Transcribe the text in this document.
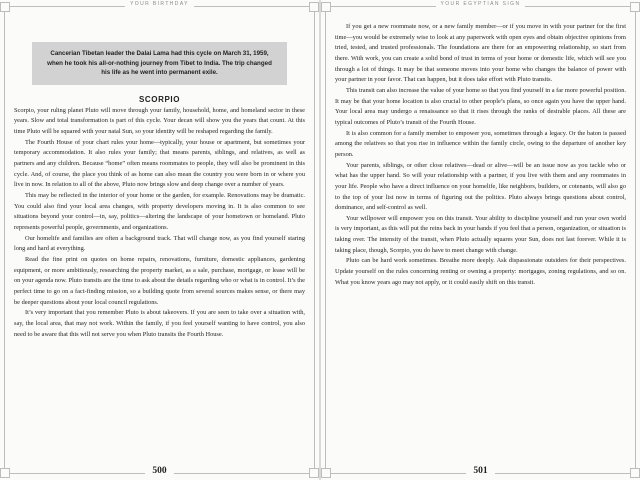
YOUR BIRTHDAY
Cancerian Tibetan leader the Dalai Lama had this cycle on March 31, 1959, when he took his all-or-nothing journey from Tibet to India. The trip changed his life as he went into permanent exile.
SCORPIO

Scorpio, your ruling planet Pluto will move through your family, household, home, and homeland sector in these years. Slow and total transformation is part of this cycle. Your decan will show you the years that count. At this time Pluto will be squared with your natal Sun, so your identity will be reshaped regarding the family.

The Fourth House of your chart rules your home—typically, your house or apartment, but sometimes your temporary accommodation. It also rules your family; that means parents, siblings, and relatives, as well as partners and any children. Because “home” often means roommates to people, they will also be prominent in this cycle. And, of course, the place you think of as home can also mean the country you were born in or where you live in now. In relation to all of the above, Pluto now brings slow and deep change over a number of years.

This may be reflected in the interior of your home or the garden, for example. Renovations may be dramatic. You could also find your local area changes, with property developers moving in. It is also common to see situations beyond your control—in, say, politics—altering the landscape of your hometown or homeland. Pluto represents powerful people, governments, and organizations.

Our homelife and families are often a background track. That will change now, as you find yourself staring long and hard at everything.

Read the fine print on quotes on home repairs, renovations, furniture, domestic appliances, gardening equipment, or more ambitiously, researching the property market, as a sale, purchase, mortgage, or lease will be on your agenda now. Pluto transits are the time to ask about the details regarding who or what is in control. It’s the perfect time to go on a fact-finding mission, so a building quote from several sources makes sense, or there may be deeper questions about your local council regulations.

It’s very important that you remember Pluto is about takeovers. If you are seen to take over a situation with, say, the local area, that may not work. Within the family, if you feel yourself wanting to have control, you also need to be aware that this will not serve you when Pluto transits the Fourth House.

500
YOUR EGYPTIAN SIGN

If you get a new roommate now, or a new family member—or if you move in with your partner for the first time—you would be extremely wise to look at any paperwork with open eyes and obtain objective opinions from tried, tested, and trusted professionals. The foundations are there for an empowering relationship, so start from there. With work, you can create a solid bond of trust in terms of your home or domestic life, which will see you through a lot of things. It may be that someone moves into your home who changes the balance of power with your partner in your favor. That can happen, but it does take effort with Pluto transits.

This transit can also increase the value of your home so that you find yourself in a far more powerful position. It may be that your home location is also crucial to other people’s plans, so once again you have the upper hand. Your local area may undergo a renaissance so that it rises through the ranks of desirable places. All these are typical outcomes of Pluto’s transit of the Fourth House.

It is also common for a family member to empower you, sometimes through a legacy. Or the baton is passed among the relatives so that you rise in influence within the family circle, owing to the departure of another key person.

Your parents, siblings, or other close relatives—dead or alive—will be an issue now as you tackle who or what has the upper hand. So will your relationship with a partner, if you live with them and any roommates in your life. People who have a direct influence on your homelife, like neighbors, builders, or cotenants, will also go to the top of your list now in terms of figuring out the politics. Pluto always brings questions about control, dominance, and self-control as well.

Your willpower will empower you on this transit. Your ability to discipline yourself and run your own world is very important, as this will put the reins back in your hands if you feel that a person, organization, or situation is taking over. The intensity of the transit, when Pluto actually squares your Sun, does not last forever. While it is taking place, though, Scorpio, you do have to meet change with change.

Pluto can be hard work sometimes. Breathe more deeply. Ask dispassionate outsiders for their perspectives. Update yourself on the rules concerning renting or owning a property: mortgages, zoning regulations, and so on. What you know years ago may not apply, or it could easily shift on this transit.

501
